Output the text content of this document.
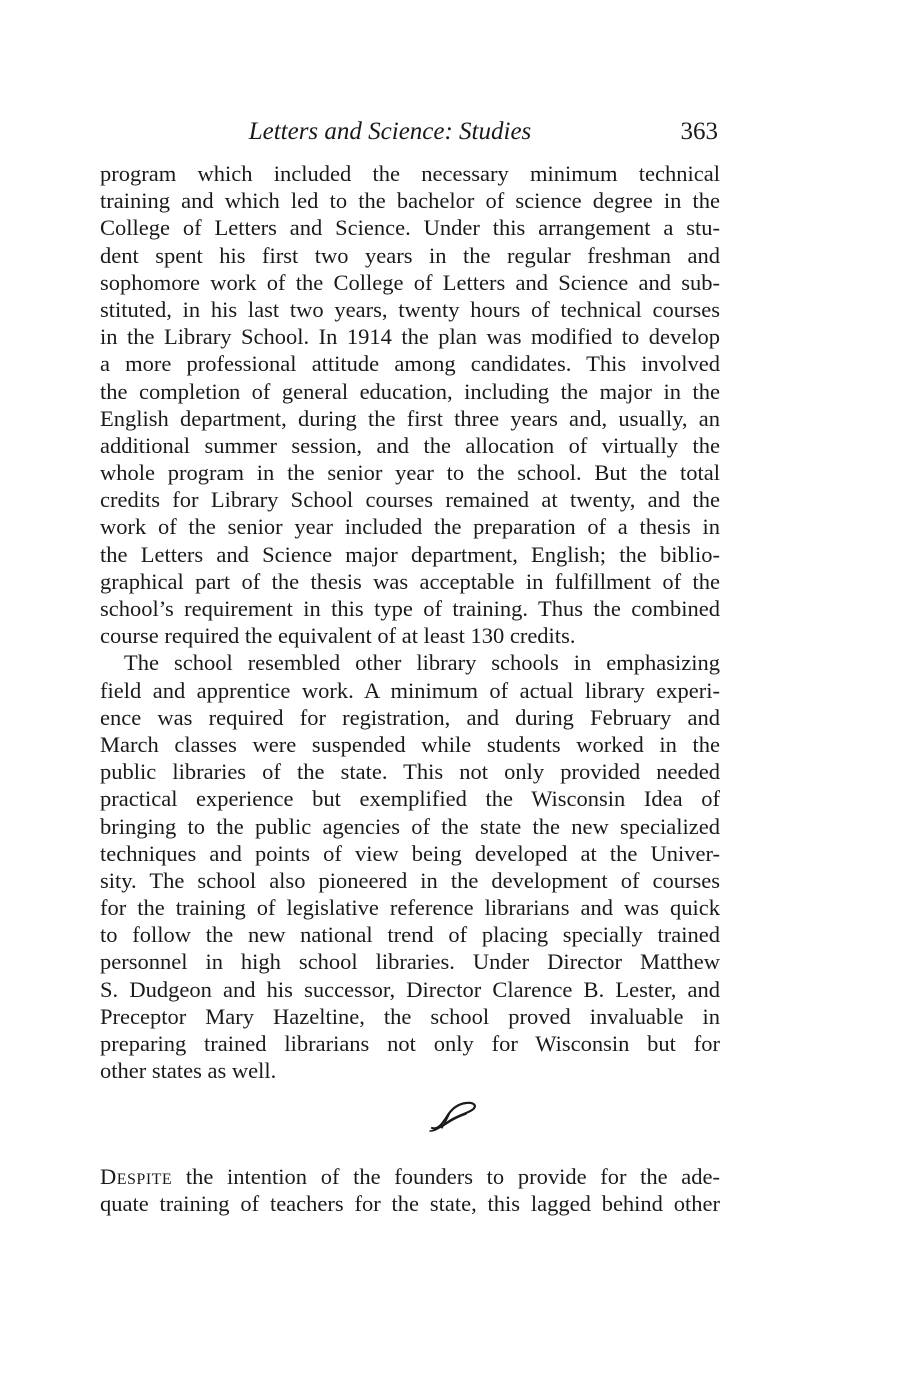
Letters and Science: Studies	363
program which included the necessary minimum technical
training and which led to the bachelor of science degree in the
College of Letters and Science. Under this arrangement a stu-
dent spent his first two years in the regular freshman and
sophomore work of the College of Letters and Science and sub-
stituted, in his last two years, twenty hours of technical courses
in the Library School. In 1914 the plan was modified to develop
a more professional attitude among candidates. This involved
the completion of general education, including the major in the
English department, during the first three years and, usually, an
additional summer session, and the allocation of virtually the
whole program in the senior year to the school. But the total
credits for Library School courses remained at twenty, and the
work of the senior year included the preparation of a thesis in
the Letters and Science major department, English; the biblio-
graphical part of the thesis was acceptable in fulfillment of the
school’s requirement in this type of training. Thus the combined
course required the equivalent of at least 130 credits.
The school resembled other library schools in emphasizing
field and apprentice work. A minimum of actual library experi-
ence was required for registration, and during February and
March classes were suspended while students worked in the
public libraries of the state. This not only provided needed
practical experience but exemplified the Wisconsin Idea of
bringing to the public agencies of the state the new specialized
techniques and points of view being developed at the Univer-
sity. The school also pioneered in the development of courses
for the training of legislative reference librarians and was quick
to follow the new national trend of placing specially trained
personnel in high school libraries. Under Director Matthew
S. Dudgeon and his successor, Director Clarence B. Lester, and
Preceptor Mary Hazeltine, the school proved invaluable in
preparing trained librarians not only for Wisconsin but for
other states as well.
Despite the intention of the founders to provide for the ade-
quate training of teachers for the state, this lagged behind other
